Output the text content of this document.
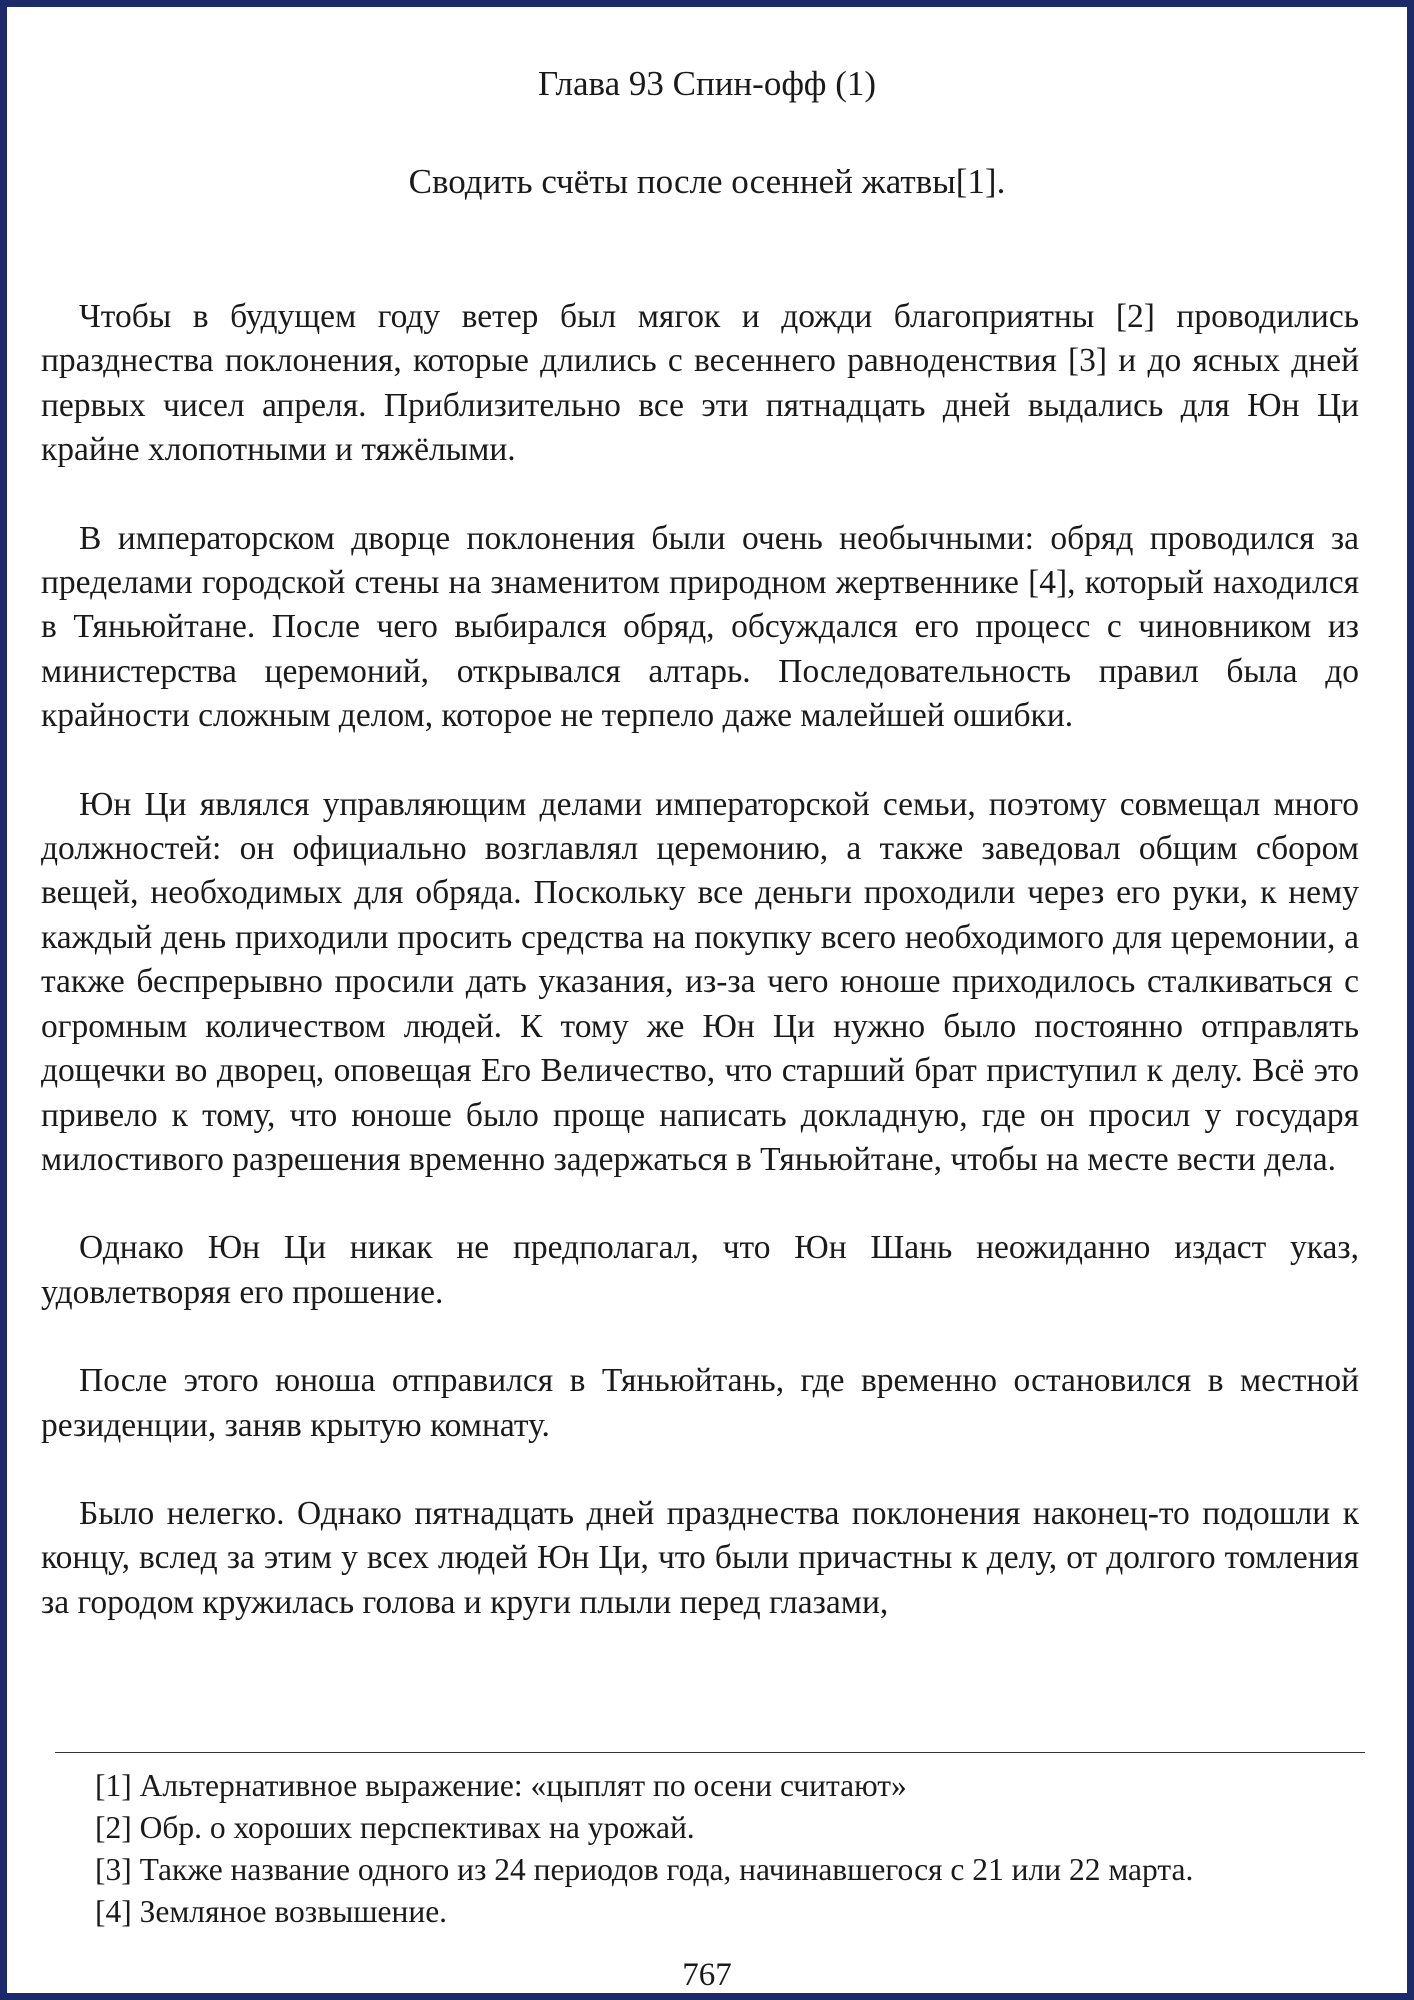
Глава 93 Спин-офф (1)
Сводить счёты после осенней жатвы[1].

Чтобы в будущем году ветер был мягок и дожди благоприятны [2] проводились празднества поклонения, которые длились с весеннего равноденствия [3] и до ясных дней первых чисел апреля. Приблизительно все эти пятнадцать дней выдались для Юн Ци крайне хлопотными и тяжёлыми.

В императорском дворце поклонения были очень необычными: обряд проводился за пределами городской стены на знаменитом природном жертвеннике [4], который находился в Тяньюйтане. После чего выбирался обряд, обсуждался его процесс с чиновником из министерства церемоний, открывался алтарь. Последовательность правил была до крайности сложным делом, которое не терпело даже малейшей ошибки.

Юн Ци являлся управляющим делами императорской семьи, поэтому совмещал много должностей: он официально возглавлял церемонию, а также заведовал общим сбором вещей, необходимых для обряда. Поскольку все деньги проходили через его руки, к нему каждый день приходили просить средства на покупку всего необходимого для церемонии, а также беспрерывно просили дать указания, из-за чего юноше приходилось сталкиваться с огромным количеством людей. К тому же Юн Ци нужно было постоянно отправлять дощечки во дворец, оповещая Его Величество, что старший брат приступил к делу. Всё это привело к тому, что юноше было проще написать докладную, где он просил у государя милостивого разрешения временно задержаться в Тяньюйтане, чтобы на месте вести дела.

Однако Юн Ци никак не предполагал, что Юн Шань неожиданно издаст указ, удовлетворяя его прошение.

После этого юноша отправился в Тяньюйтань, где временно остановился в местной резиденции, заняв крытую комнату.

Было нелегко. Однако пятнадцать дней празднества поклонения наконец-то подошли к концу, вслед за этим у всех людей Юн Ци, что были причастны к делу, от долгого томления за городом кружилась голова и круги плыли перед глазами,

[1] Альтернативное выражение: «цыплят по осени считают»
[2] Обр. о хороших перспективах на урожай.
[3] Также название одного из 24 периодов года, начинавшегося с 21 или 22 марта.
[4] Земляное возвышение.
767
